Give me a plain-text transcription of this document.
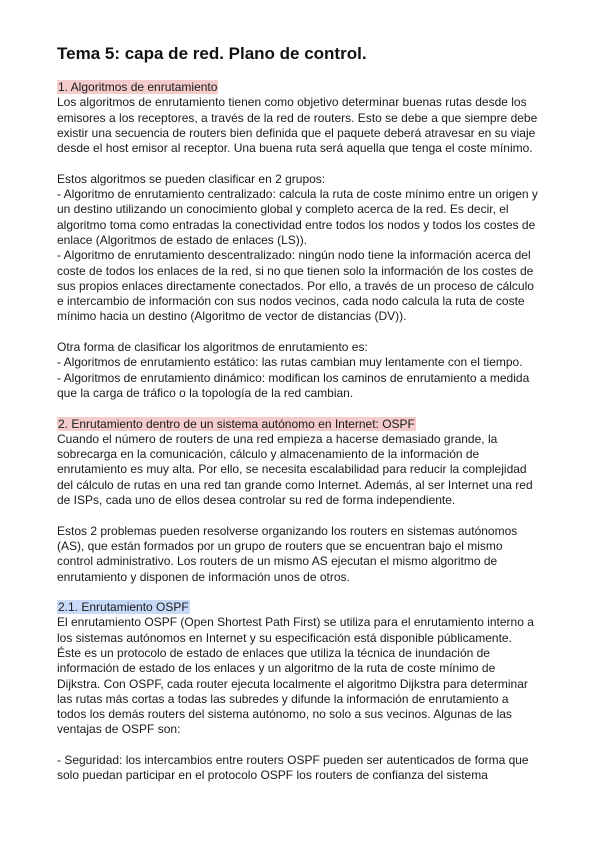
Tema 5: capa de red. Plano de control.
1. Algoritmos de enrutamiento
Los algoritmos de enrutamiento tienen como objetivo determinar buenas rutas desde los
emisores a los receptores, a través de la red de routers. Esto se debe a que siempre debe
existir una secuencia de routers bien definida que el paquete deberá atravesar en su viaje
desde el host emisor al receptor. Una buena ruta será aquella que tenga el coste mínimo.
Estos algoritmos se pueden clasificar en 2 grupos:
- Algoritmo de enrutamiento centralizado: calcula la ruta de coste mínimo entre un origen y
un destino utilizando un conocimiento global y completo acerca de la red. Es decir, el
algoritmo toma como entradas la conectividad entre todos los nodos y todos los costes de
enlace (Algoritmos de estado de enlaces (LS)).
- Algoritmo de enrutamiento descentralizado: ningún nodo tiene la información acerca del
coste de todos los enlaces de la red, si no que tienen solo la información de los costes de
sus propios enlaces directamente conectados. Por ello, a través de un proceso de cálculo
e intercambio de información con sus nodos vecinos, cada nodo calcula la ruta de coste
mínimo hacia un destino (Algoritmo de vector de distancias (DV)).
Otra forma de clasificar los algoritmos de enrutamiento es:
- Algoritmos de enrutamiento estático: las rutas cambian muy lentamente con el tiempo.
- Algoritmos de enrutamiento dinámico: modifican los caminos de enrutamiento a medida
que la carga de tráfico o la topología de la red cambian.
2. Enrutamiento dentro de un sistema autónomo en Internet: OSPF
Cuando el número de routers de una red empieza a hacerse demasiado grande, la
sobrecarga en la comunicación, cálculo y almacenamiento de la información de
enrutamiento es muy alta. Por ello, se necesita escalabilidad para reducir la complejidad
del cálculo de rutas en una red tan grande como Internet. Además, al ser Internet una red
de ISPs, cada uno de ellos desea controlar su red de forma independiente.
Estos 2 problemas pueden resolverse organizando los routers en sistemas autónomos
(AS), que están formados por un grupo de routers que se encuentran bajo el mismo
control administrativo. Los routers de un mismo AS ejecutan el mismo algoritmo de
enrutamiento y disponen de información unos de otros.
2.1. Enrutamiento OSPF
El enrutamiento OSPF (Open Shortest Path First) se utiliza para el enrutamiento interno a
los sistemas autónomos en Internet y su especificación está disponible públicamente.
Éste es un protocolo de estado de enlaces que utiliza la técnica de inundación de
información de estado de los enlaces y un algoritmo de la ruta de coste mínimo de
Dijkstra. Con OSPF, cada router ejecuta localmente el algoritmo Dijkstra para determinar
las rutas más cortas a todas las subredes y difunde la información de enrutamiento a
todos los demás routers del sistema autónomo, no solo a sus vecinos. Algunas de las
ventajas de OSPF son:
- Seguridad: los intercambios entre routers OSPF pueden ser autenticados de forma que
solo puedan participar en el protocolo OSPF los routers de confianza del sistema
